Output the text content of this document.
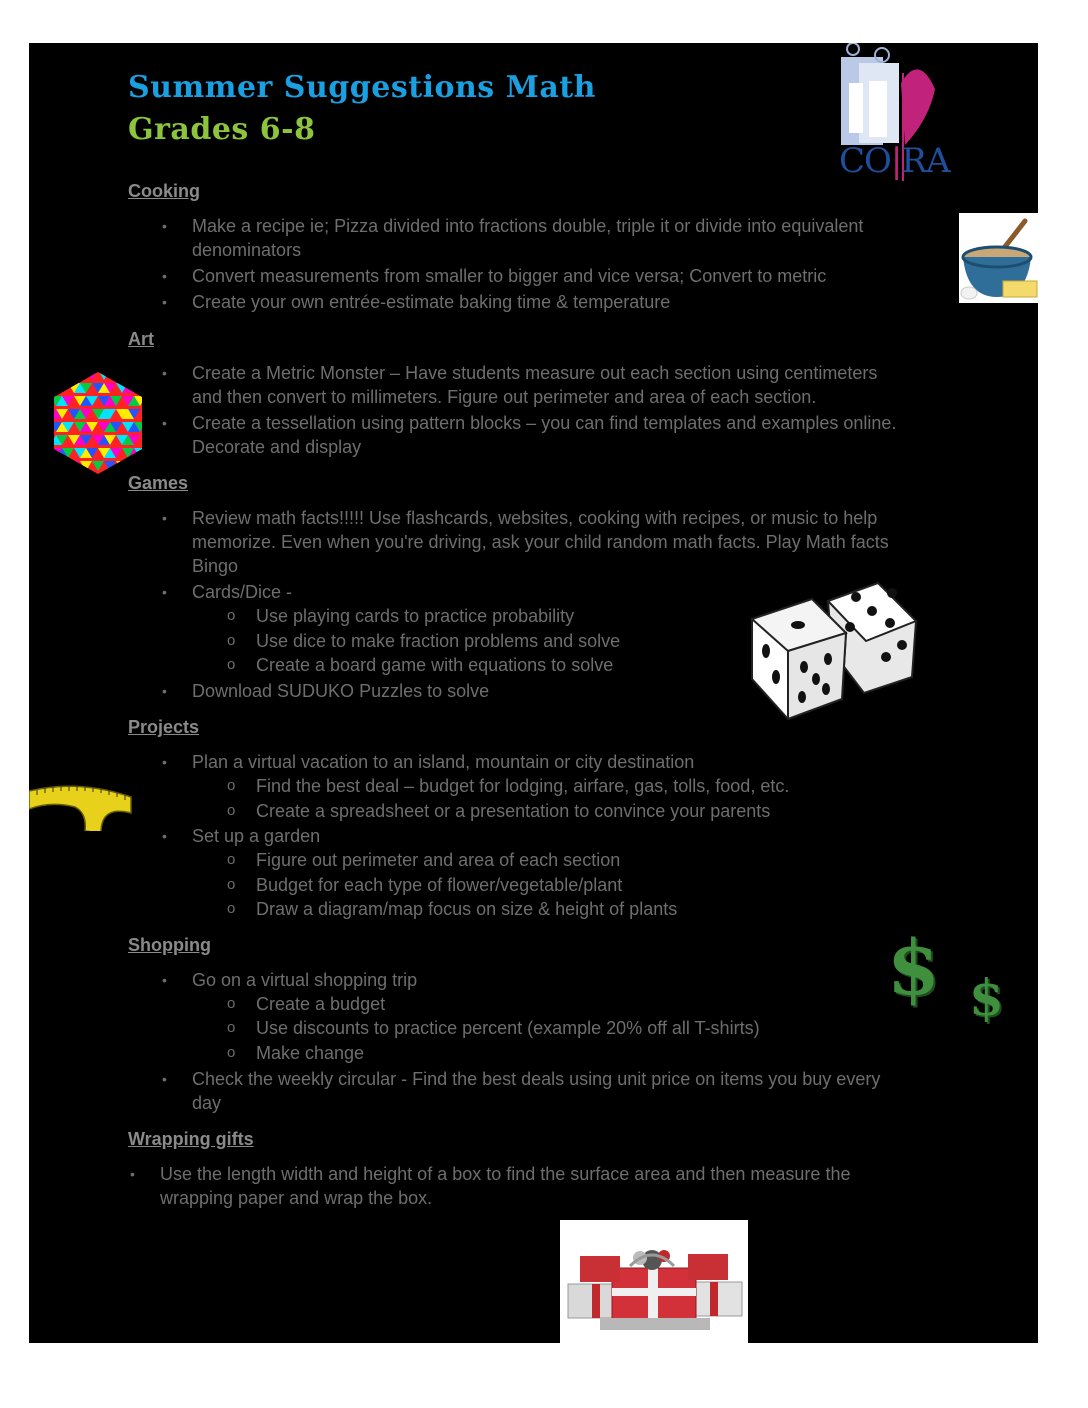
Summer Suggestions Math
Grades 6-8
CO|RA
Cooking
• Make a recipe ie; Pizza divided into fractions double, triple it or divide into equivalent
denominators
• Convert measurements from smaller to bigger and vice versa; Convert to metric
• Create your own entrée-estimate baking time & temperature
Art
• Create a Metric Monster – Have students measure out each section using centimeters
and then convert to millimeters. Figure out perimeter and area of each section.
• Create a tessellation using pattern blocks – you can find templates and examples online.
Decorate and display
Games
• Review math facts!!!!! Use flashcards, websites, cooking with recipes, or music to help
memorize. Even when you're driving, ask your child random math facts. Play Math facts
Bingo
• Cards/Dice -
o Use playing cards to practice probability
o Use dice to make fraction problems and solve
o Create a board game with equations to solve
• Download SUDUKO Puzzles to solve
Projects
• Plan a virtual vacation to an island, mountain or city destination
o Find the best deal – budget for lodging, airfare, gas, tolls, food, etc.
o Create a spreadsheet or a presentation to convince your parents
• Set up a garden
o Figure out perimeter and area of each section
o Budget for each type of flower/vegetable/plant
o Draw a diagram/map focus on size & height of plants
Shopping
• Go on a virtual shopping trip
o Create a budget
o Use discounts to practice percent (example 20% off all T-shirts)
o Make change
• Check the weekly circular - Find the best deals using unit price on items you buy every
day
$ $
Wrapping gifts
• Use the length width and height of a box to find the surface area and then measure the
wrapping paper and wrap the box.
